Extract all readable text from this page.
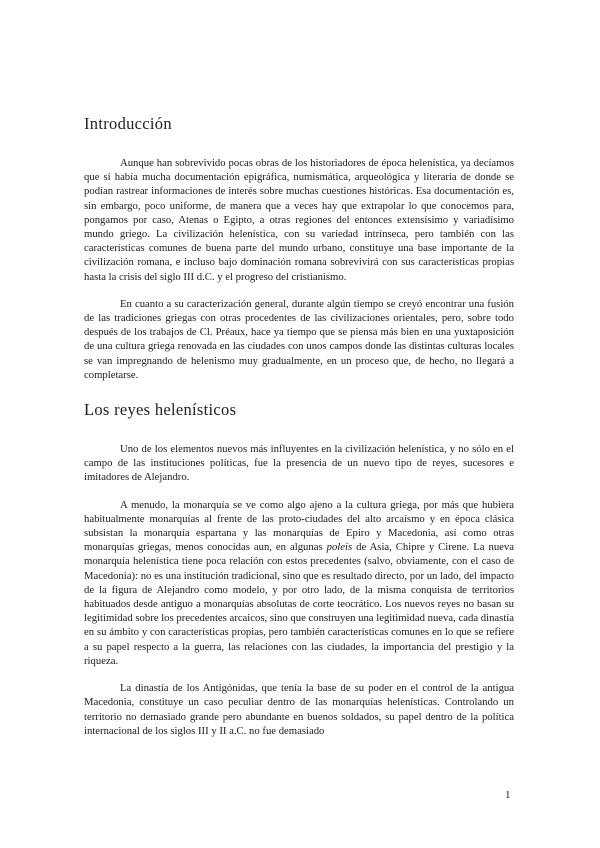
Introducción

Aunque han sobrevivido pocas obras de los historiadores de época helenística, ya decíamos que sí había mucha documentación epigráfica, numismática, arqueológica y literaria de donde se podían rastrear informaciones de interés sobre muchas cuestiones históricas. Esa documentación es, sin embargo, poco uniforme, de manera que a veces hay que extrapolar lo que conocemos para, pongamos por caso, Atenas o Egipto, a otras regiones del entonces extensísimo y variadísimo mundo griego. La civilización helenística, con su variedad intrínseca, pero también con las características comunes de buena parte del mundo urbano, constituye una base importante de la civilización romana, e incluso bajo dominación romana sobrevivirá con sus características propias hasta la crisis del siglo III d.C. y el progreso del cristianismo.

En cuanto a su caracterización general, durante algún tiempo se creyó encontrar una fusión de las tradiciones griegas con otras procedentes de las civilizaciones orientales, pero, sobre todo después de los trabajos de Cl. Préaux, hace ya tiempo que se piensa más bien en una yuxtaposición de una cultura griega renovada en las ciudades con unos campos donde las distintas culturas locales se van impregnando de helenismo muy gradualmente, en un proceso que, de hecho, no llegará a completarse.

Los reyes helenísticos

Uno de los elementos nuevos más influyentes en la civilización helenística, y no sólo en el campo de las instituciones políticas, fue la presencia de un nuevo tipo de reyes, sucesores e imitadores de Alejandro.

A menudo, la monarquía se ve como algo ajeno a la cultura griega, por más que hubiera habitualmente monarquías al frente de las proto-ciudades del alto arcaísmo y en época clásica subsistan la monarquía espartana y las monarquías de Epiro y Macedonia, así como otras monarquías griegas, menos conocidas aun, en algunas poleis de Asia, Chipre y Cirene. La nueva monarquía helenística tiene poca relación con estos precedentes (salvo, obviamente, con el caso de Macedonia): no es una institución tradicional, sino que es resultado directo, por un lado, del impacto de la figura de Alejandro como modelo, y por otro lado, de la misma conquista de territorios habituados desde antiguo a monarquías absolutas de corte teocrático. Los nuevos reyes no basan su legitimidad sobre los precedentes arcaicos, sino que construyen una legitimidad nueva, cada dinastía en su ámbito y con características propias, pero también características comunes en lo que se refiere a su papel respecto a la guerra, las relaciones con las ciudades, la importancia del prestigio y la riqueza.

La dinastía de los Antigónidas, que tenía la base de su poder en el control de la antigua Macedonia, constituye un caso peculiar dentro de las monarquías helenísticas. Controlando un territorio no demasiado grande pero abundante en buenos soldados, su papel dentro de la política internacional de los siglos III y II a.C. no fue demasiado

1
